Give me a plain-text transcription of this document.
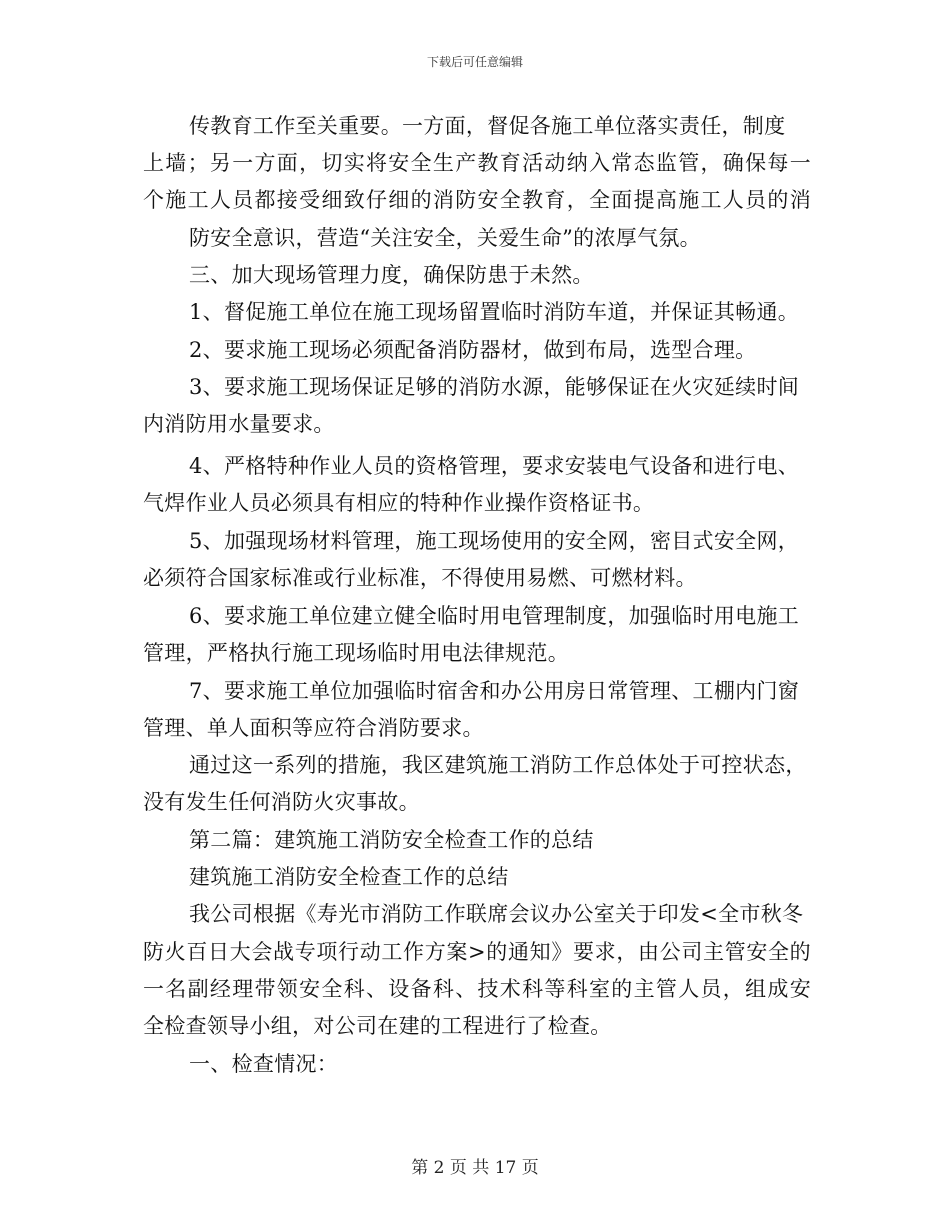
下载后可任意编辑
传教育工作至关重要。一方面，督促各施工单位落实责任，制度
上墙；另一方面，切实将安全生产教育活动纳入常态监管，确保每一
个施工人员都接受细致仔细的消防安全教育，全面提高施工人员的消
防安全意识，营造“关注安全，关爱生命”的浓厚气氛。
三、加大现场管理力度，确保防患于未然。
1、督促施工单位在施工现场留置临时消防车道，并保证其畅通。
2、要求施工现场必须配备消防器材，做到布局，选型合理。
3、要求施工现场保证足够的消防水源，能够保证在火灾延续时间
内消防用水量要求。
4、严格特种作业人员的资格管理，要求安装电气设备和进行电、
气焊作业人员必须具有相应的特种作业操作资格证书。
5、加强现场材料管理，施工现场使用的安全网，密目式安全网，
必须符合国家标准或行业标准，不得使用易燃、可燃材料。
6、要求施工单位建立健全临时用电管理制度，加强临时用电施工
管理，严格执行施工现场临时用电法律规范。
7、要求施工单位加强临时宿舍和办公用房日常管理、工棚内门窗
管理、单人面积等应符合消防要求。
通过这一系列的措施，我区建筑施工消防工作总体处于可控状态，
没有发生任何消防火灾事故。
第二篇：建筑施工消防安全检查工作的总结
建筑施工消防安全检查工作的总结
我公司根据《寿光市消防工作联席会议办公室关于印发<全市秋冬
防火百日大会战专项行动工作方案>的通知》要求，由公司主管安全的
一名副经理带领安全科、设备科、技术科等科室的主管人员，组成安
全检查领导小组，对公司在建的工程进行了检查。
一、检查情况：
第 2 页 共 17 页
